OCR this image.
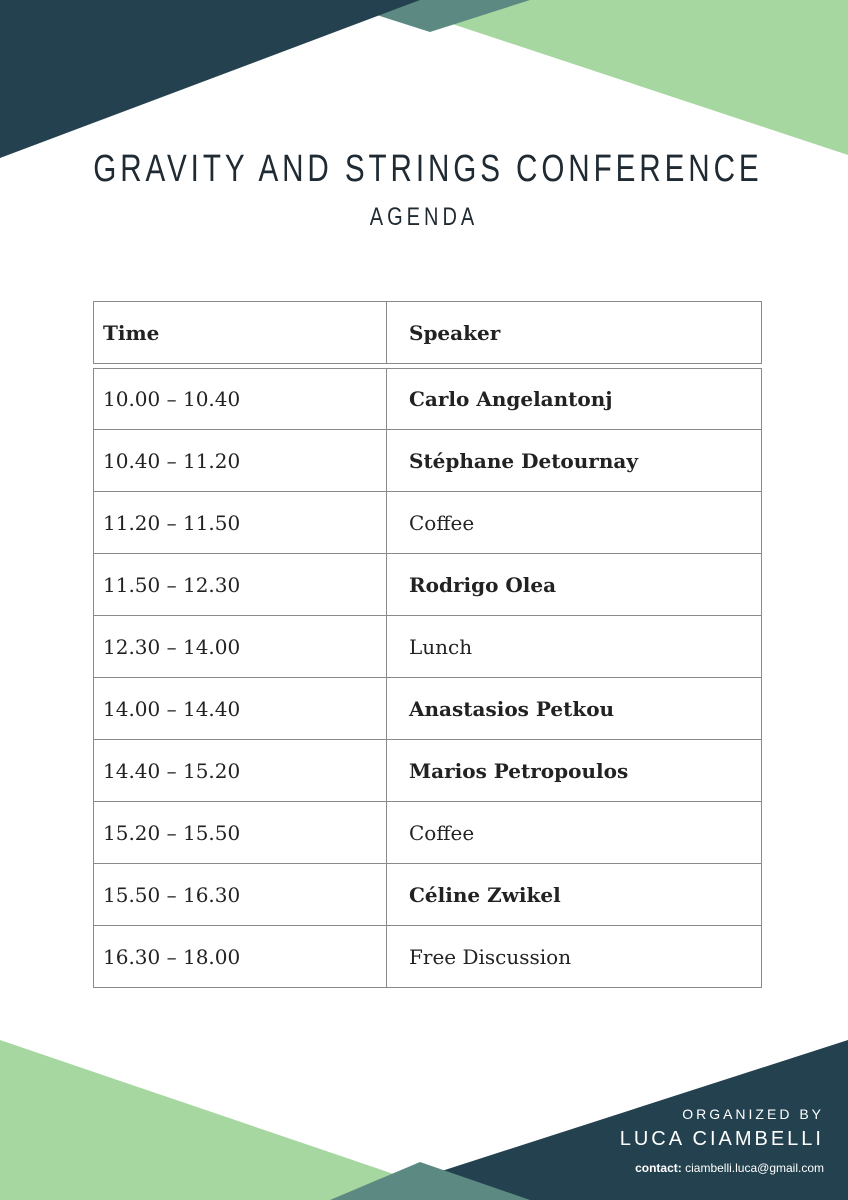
GRAVITY AND STRINGS CONFERENCE
AGENDA
Time	Speaker
10.00 – 10.40	Carlo Angelantonj
10.40 – 11.20	Stéphane Detournay
11.20 – 11.50	Coffee
11.50 – 12.30	Rodrigo Olea
12.30 – 14.00	Lunch
14.00 – 14.40	Anastasios Petkou
14.40 – 15.20	Marios Petropoulos
15.20 – 15.50	Coffee
15.50 – 16.30	Céline Zwikel
16.30 – 18.00	Free Discussion
ORGANIZED BY
LUCA CIAMBELLI
contact: ciambelli.luca@gmail.com
